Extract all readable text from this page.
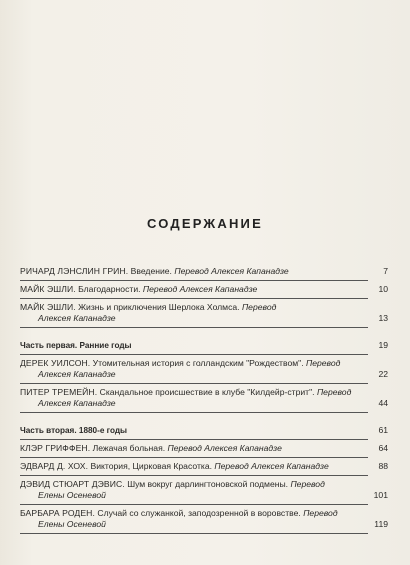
СОДЕРЖАНИЕ
РИЧАРД ЛЭНСЛИН ГРИН. Введение. Перевод Алексея Капанадзе	7
МАЙК ЭШЛИ. Благодарности. Перевод Алексея Капанадзе	10
МАЙК ЭШЛИ. Жизнь и приключения Шерлока Холмса. Перевод
Алексея Капанадзе	13
Часть первая. Ранние годы	19
ДЕРЕК УИЛСОН. Утомительная история с голландским "Рождеством". Перевод
Алексея Капанадзе	22
ПИТЕР ТРЕМЕЙН. Скандальное происшествие в клубе "Килдейр-стрит". Перевод
Алексея Капанадзе	44
Часть вторая. 1880-е годы	61
КЛЭР ГРИФФЕН. Лежачая больная. Перевод Алексея Капанадзе	64
ЭДВАРД Д. ХОХ. Виктория, Цирковая Красотка. Перевод Алексея Капанадзе	88
ДЭВИД СТЮАРТ ДЭВИС. Шум вокруг дарлингтоновской подмены. Перевод
Елены Осеневой	101
БАРБАРА РОДЕН. Случай со служанкой, заподозренной в воровстве. Перевод
Елены Осеневой	119
